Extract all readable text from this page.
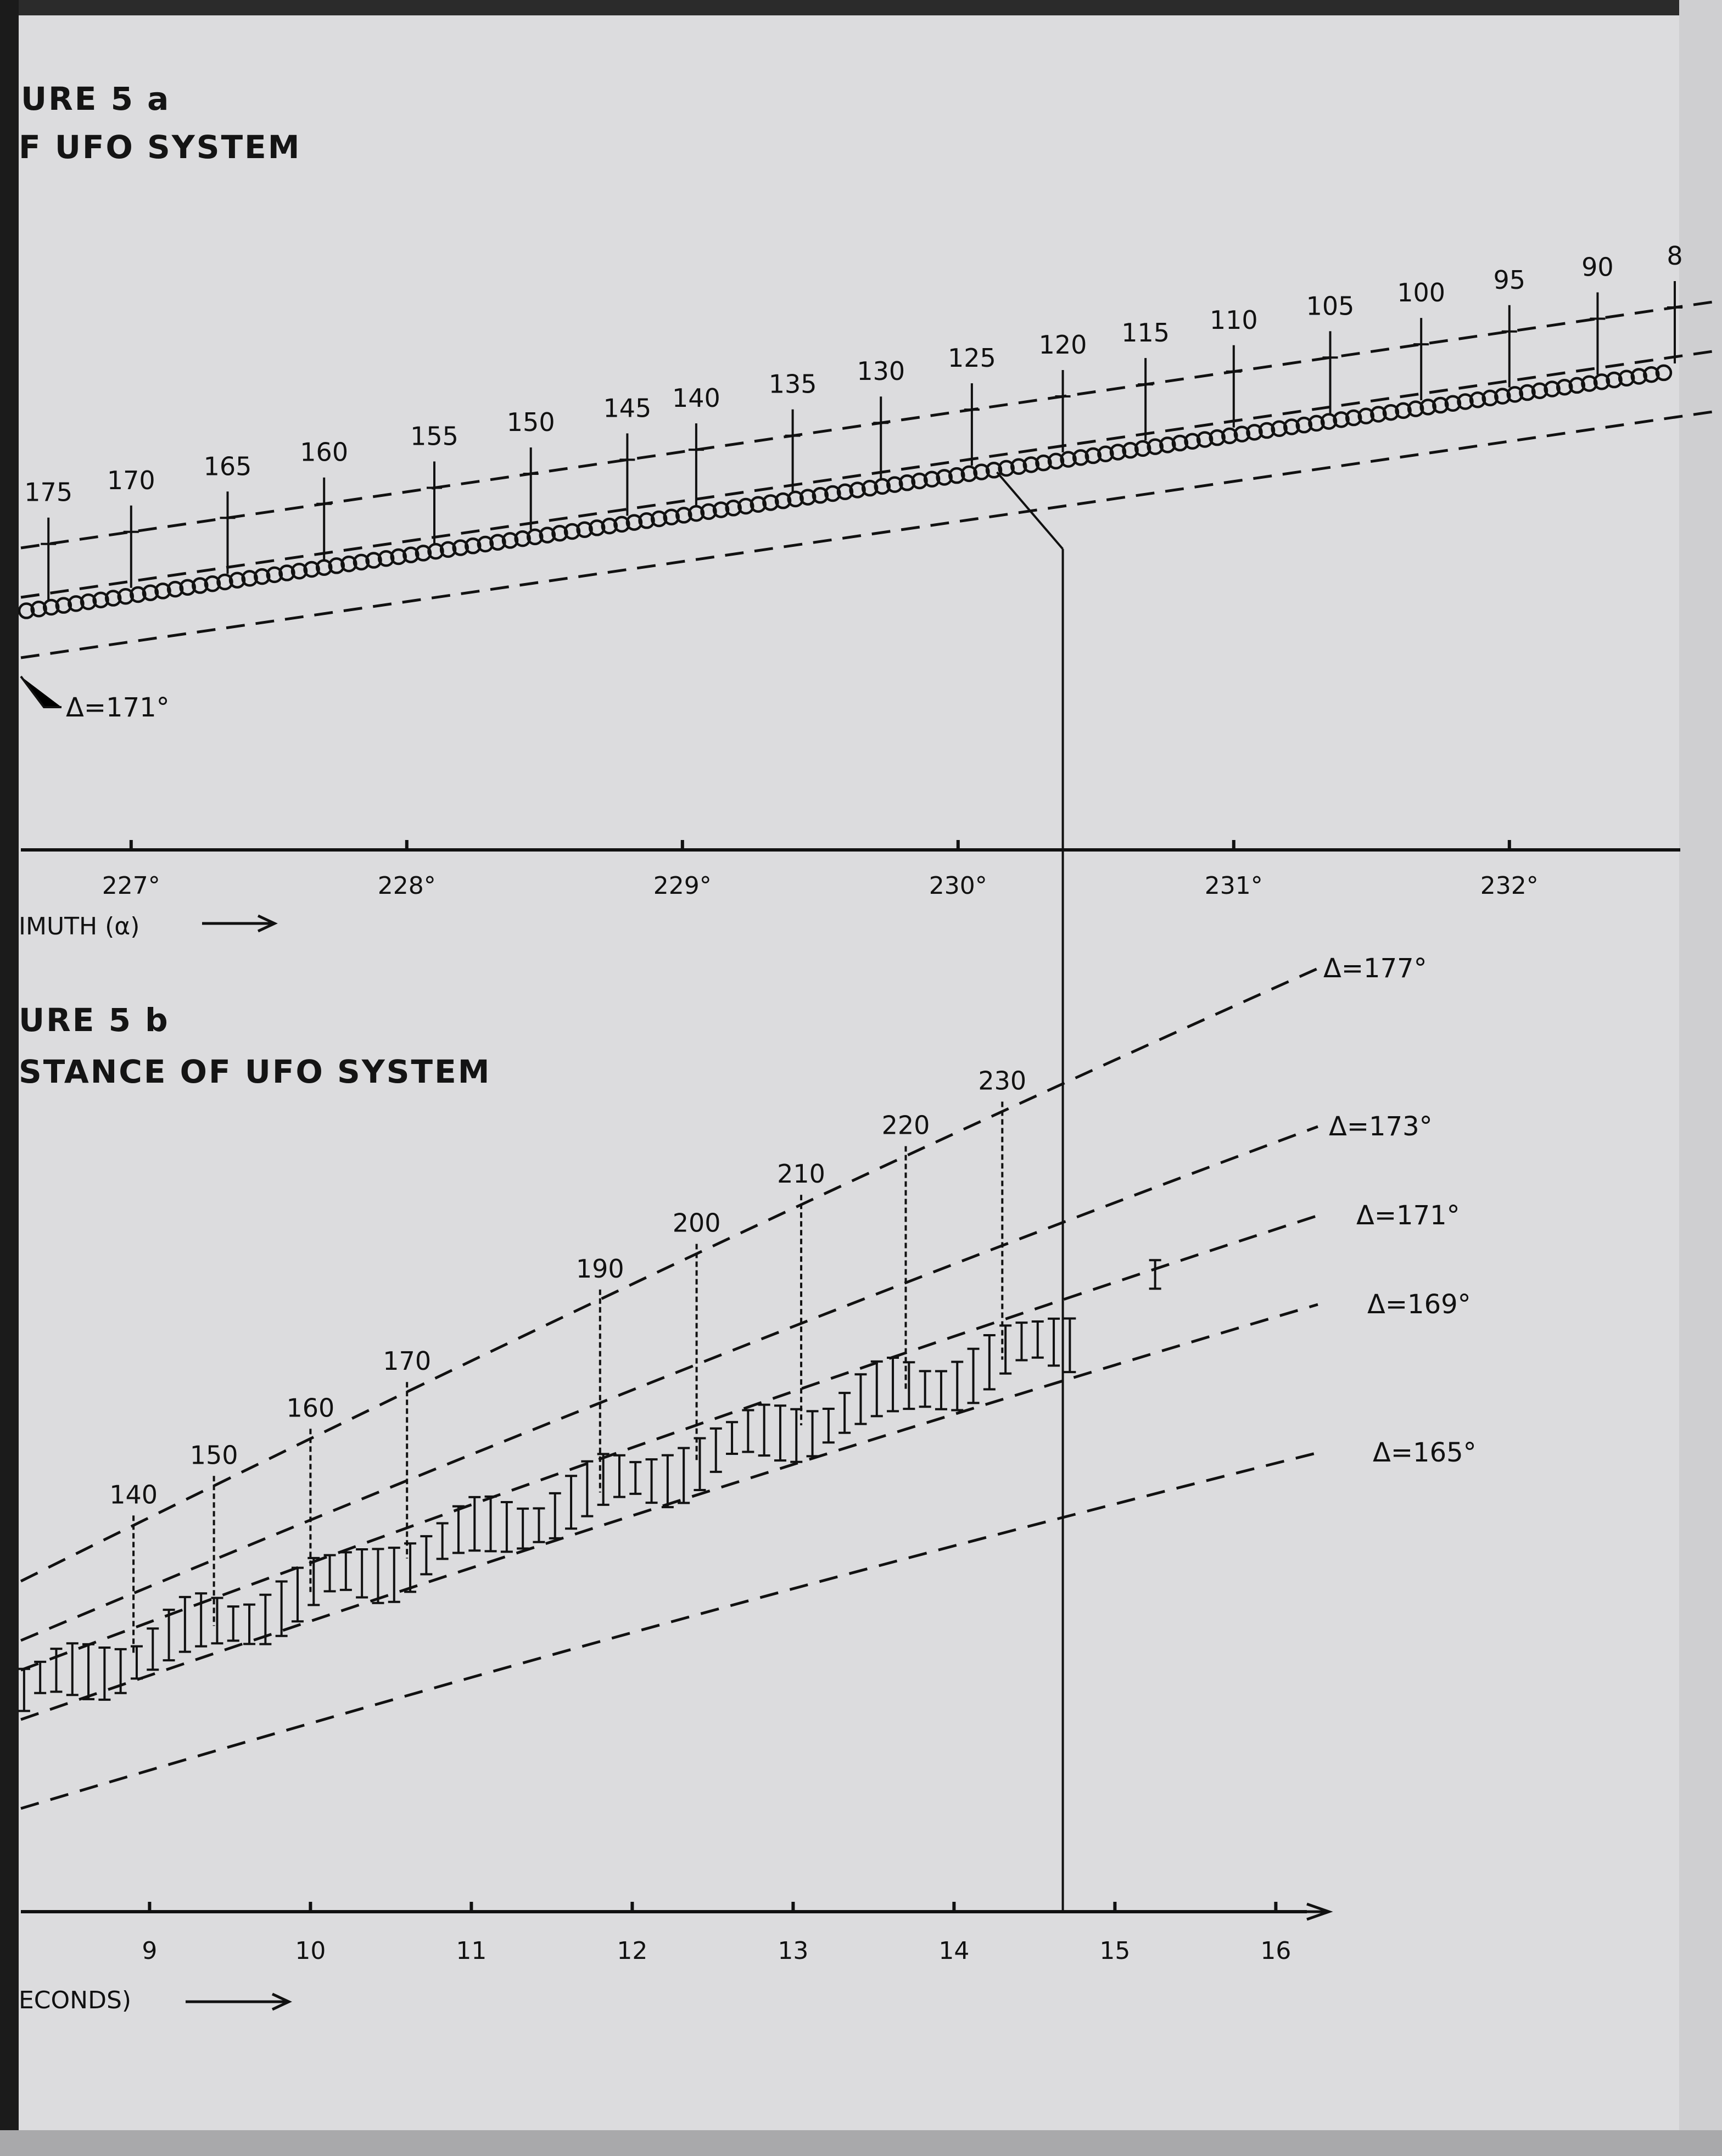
URE 5 a
F UFO SYSTEM
227°	228°	229°	230°	231°	232°
IMUTH (α)
175 170 165 160
155 150 145 140 135 130 125 120 115 110 105 100 95 90 8
Δ=171°
URE 5 b
STANCE OF UFO SYSTEM
9	10	11	12	13	14	15	16
ECONDS)
Δ=177°
Δ=173°
Δ=171°
Δ=169°
Δ=165°
140
150
160
170
190
200
210
220
230
